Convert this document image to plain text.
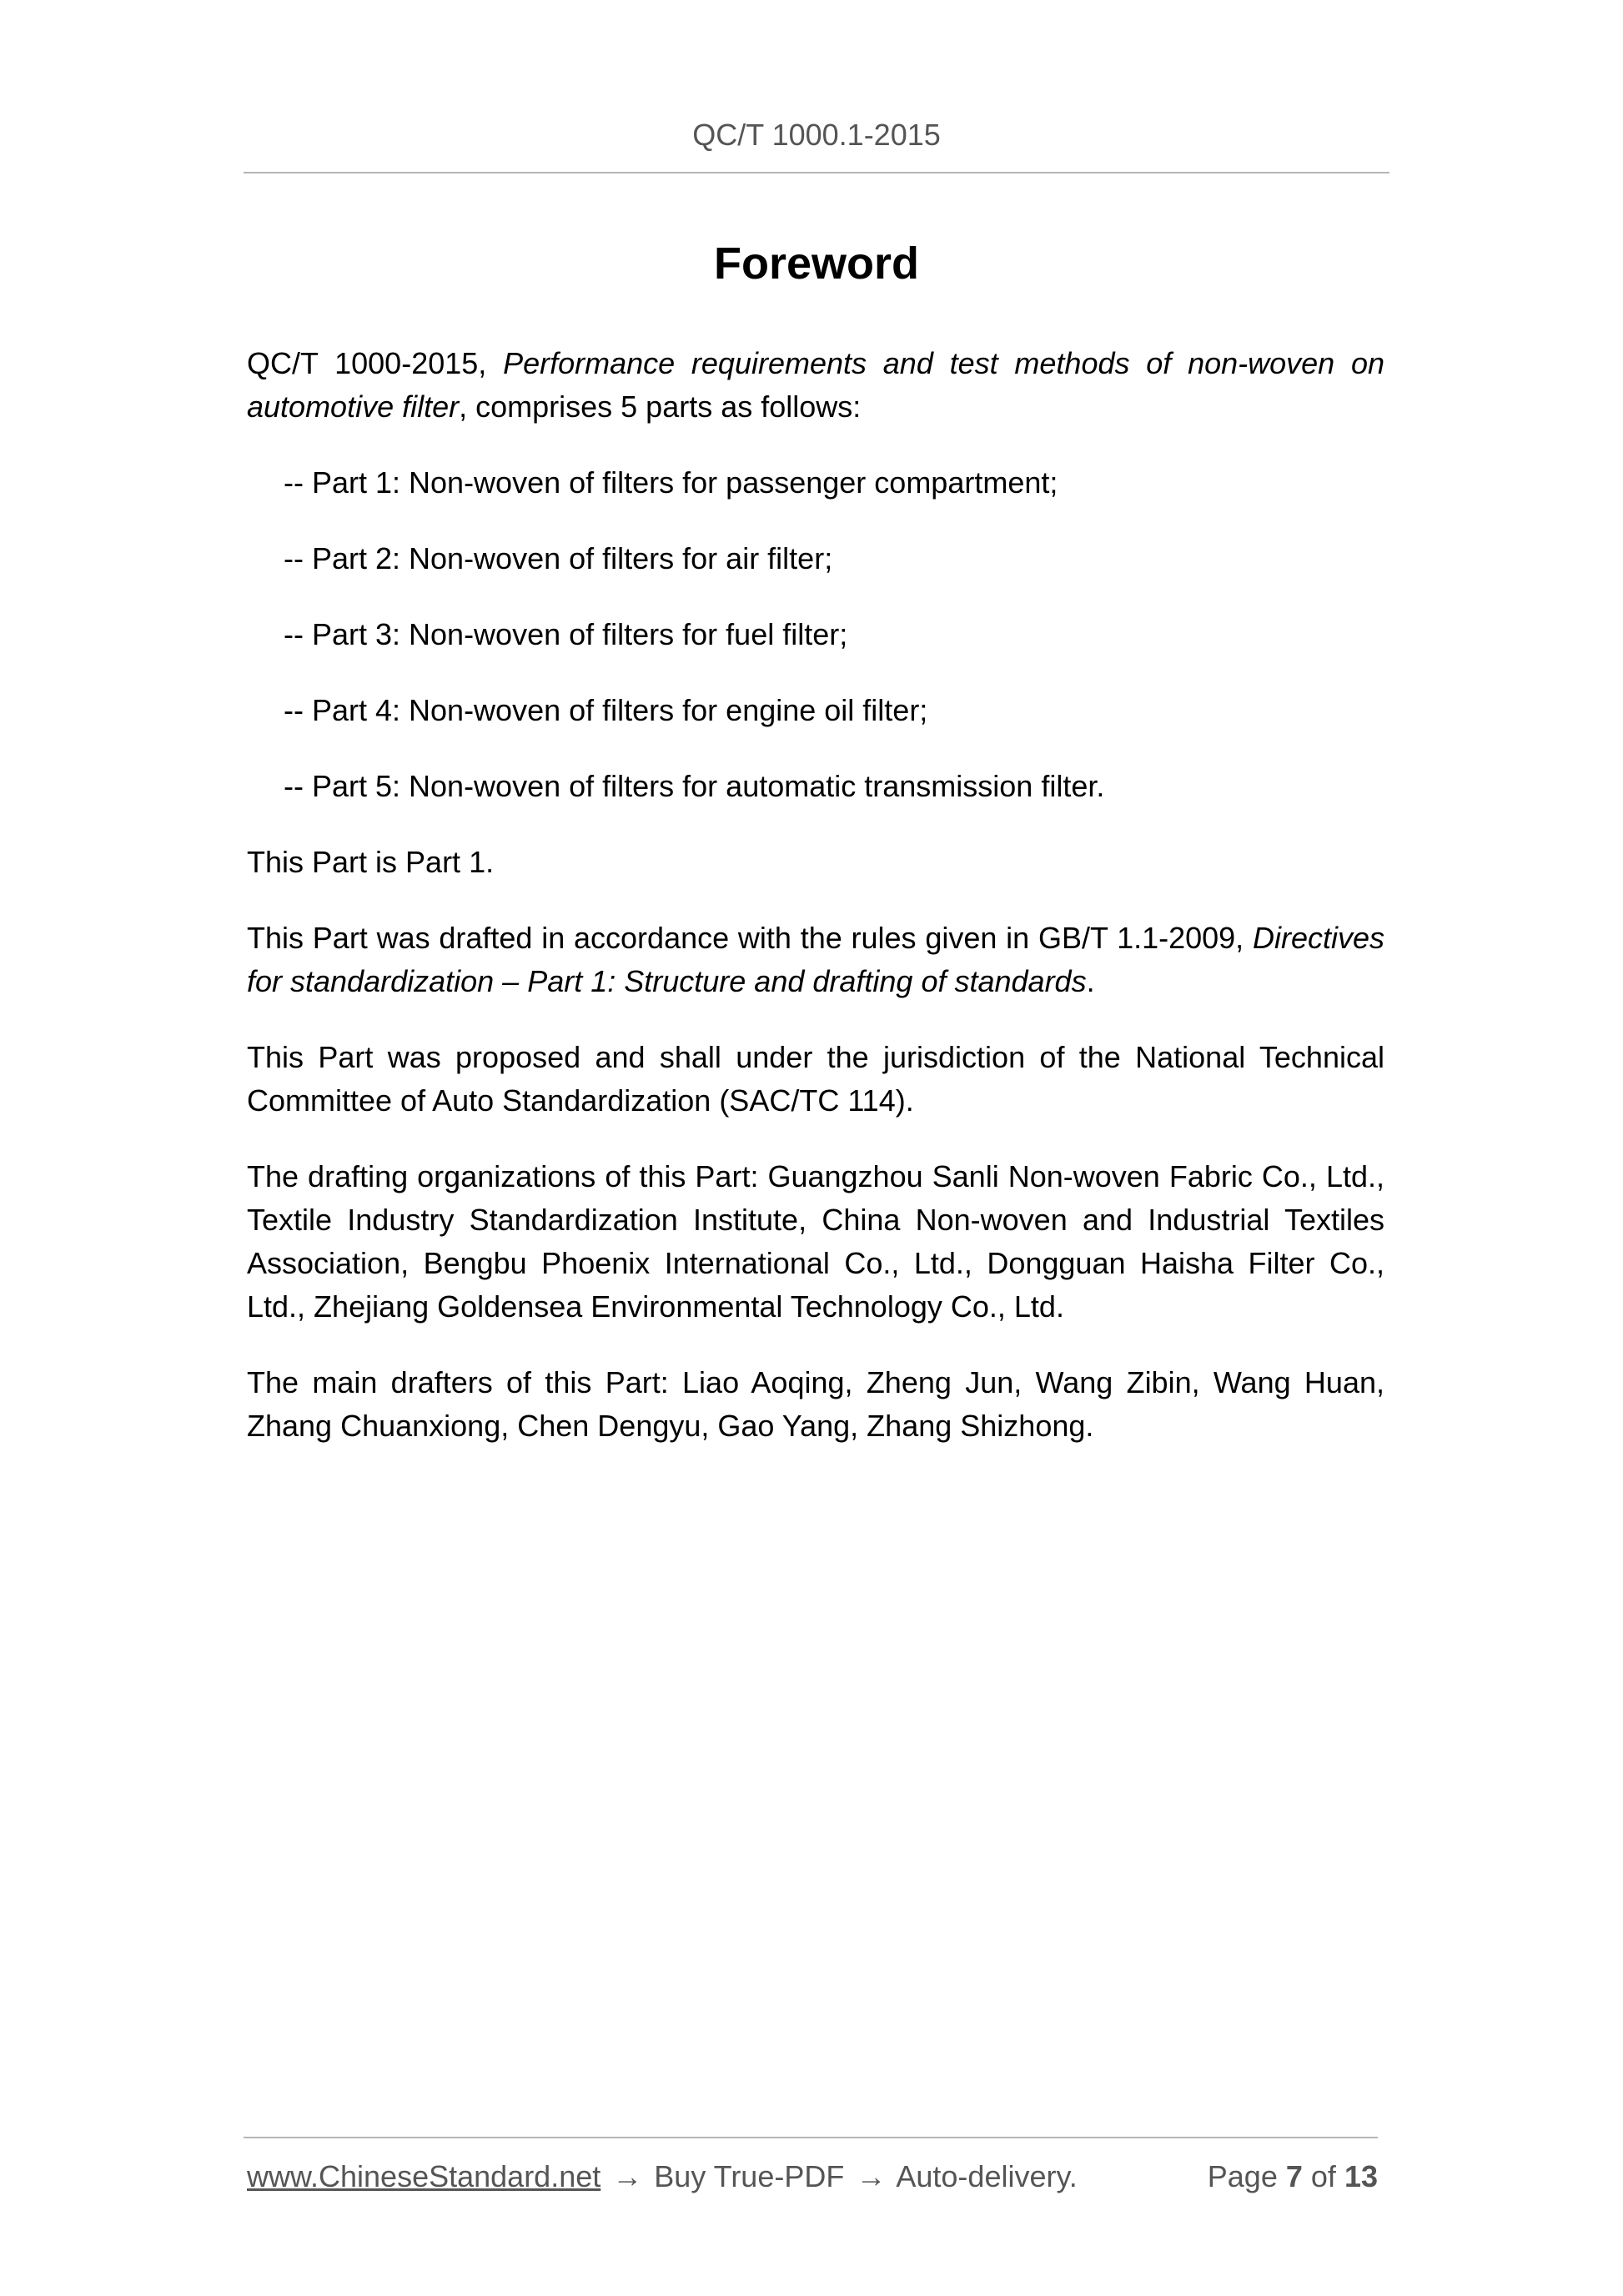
QC/T 1000.1-2015
Foreword

QC/T 1000-2015, Performance requirements and test methods of non-woven on automotive filter, comprises 5 parts as follows:

-- Part 1: Non-woven of filters for passenger compartment;

-- Part 2: Non-woven of filters for air filter;

-- Part 3: Non-woven of filters for fuel filter;

-- Part 4: Non-woven of filters for engine oil filter;

-- Part 5: Non-woven of filters for automatic transmission filter.

This Part is Part 1.

This Part was drafted in accordance with the rules given in GB/T 1.1-2009, Directives for standardization – Part 1: Structure and drafting of standards.

This Part was proposed and shall under the jurisdiction of the National Technical Committee of Auto Standardization (SAC/TC 114).

The drafting organizations of this Part: Guangzhou Sanli Non-woven Fabric Co., Ltd., Textile Industry Standardization Institute, China Non-woven and Industrial Textiles Association, Bengbu Phoenix International Co., Ltd., Dongguan Haisha Filter Co., Ltd., Zhejiang Goldensea Environmental Technology Co., Ltd.

The main drafters of this Part: Liao Aoqing, Zheng Jun, Wang Zibin, Wang Huan, Zhang Chuanxiong, Chen Dengyu, Gao Yang, Zhang Shizhong.

www.ChineseStandard.net → Buy True-PDF → Auto-delivery.	Page 7 of 13
